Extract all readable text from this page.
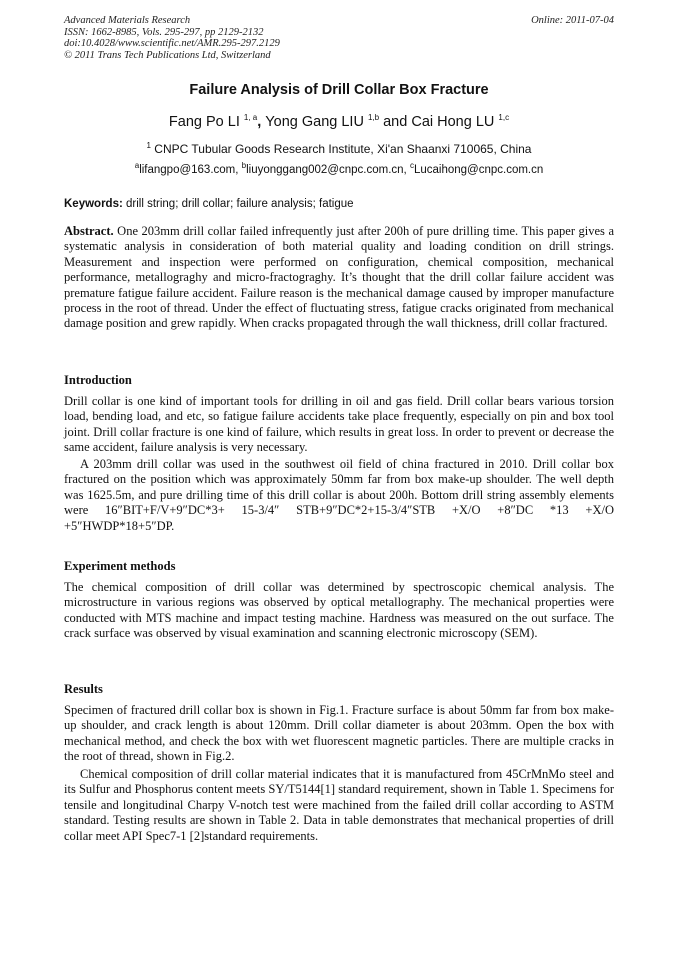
Advanced Materials Research
ISSN: 1662-8985, Vols. 295-297, pp 2129-2132
doi:10.4028/www.scientific.net/AMR.295-297.2129
© 2011 Trans Tech Publications Ltd, Switzerland
Online: 2011-07-04
Failure Analysis of Drill Collar Box Fracture
Fang Po LI $^{1, a}$, Yong Gang LIU $^{1,b}$ and Cai Hong LU $^{1,c}$
$^1$ CNPC Tubular Goods Research Institute, Xi'an Shaanxi 710065, China
$^a$lifangpo@163.com, $^b$liuyonggang002@cnpc.com.cn, $^c$Lucaihong@cnpc.com.cn
Keywords: drill string; drill collar; failure analysis; fatigue
Abstract. One 203mm drill collar failed infrequently just after 200h of pure drilling time. This paper gives a systematic analysis in consideration of both material quality and loading condition on drill strings. Measurement and inspection were performed on configuration, chemical composition, mechanical performance, metallograghy and micro-fractograghy. It’s thought that the drill collar failure accident was premature fatigue failure accident. Failure reason is the mechanical damage caused by improper manufacture process in the root of thread. Under the effect of fluctuating stress, fatigue cracks originated from mechanical damage position and grew rapidly. When cracks propagated through the wall thickness, drill collar fractured.
Introduction
Drill collar is one kind of important tools for drilling in oil and gas field. Drill collar bears various torsion load, bending load, and etc, so fatigue failure accidents take place frequently, especially on pin and box tool joint. Drill collar fracture is one kind of failure, which results in great loss. In order to prevent or decrease the same accident, failure analysis is very necessary.
A 203mm drill collar was used in the southwest oil field of china fractured in 2010. Drill collar box fractured on the position which was approximately 50mm far from box make-up shoulder. The well depth was 1625.5m, and pure drilling time of this drill collar is about 200h. Bottom drill string assembly elements were 16″BIT+F/V+9″DC*3+ 15-3/4″ STB+9″DC*2+15-3/4″STB +X/O +8″DC *13 +X/O +5″HWDP*18+5″DP.
Experiment methods
The chemical composition of drill collar was determined by spectroscopic chemical analysis. The microstructure in various regions was observed by optical metallography. The mechanical properties were conducted with MTS machine and impact testing machine. Hardness was measured on the out surface. The crack surface was observed by visual examination and scanning electronic microscopy (SEM).
Results
Specimen of fractured drill collar box is shown in Fig.1. Fracture surface is about 50mm far from box make-up shoulder, and crack length is about 120mm. Drill collar diameter is about 203mm. Open the box with mechanical method, and check the box with wet fluorescent magnetic particles. There are multiple cracks in the root of thread, shown in Fig.2.
Chemical composition of drill collar material indicates that it is manufactured from 45CrMnMo steel and its Sulfur and Phosphorus content meets SY/T5144[1] standard requirement, shown in Table 1. Specimens for tensile and longitudinal Charpy V-notch test were machined from the failed drill collar according to ASTM standard. Testing results are shown in Table 2. Data in table demonstrates that mechanical properties of drill collar meet API Spec7-1 [2]standard requirements.
